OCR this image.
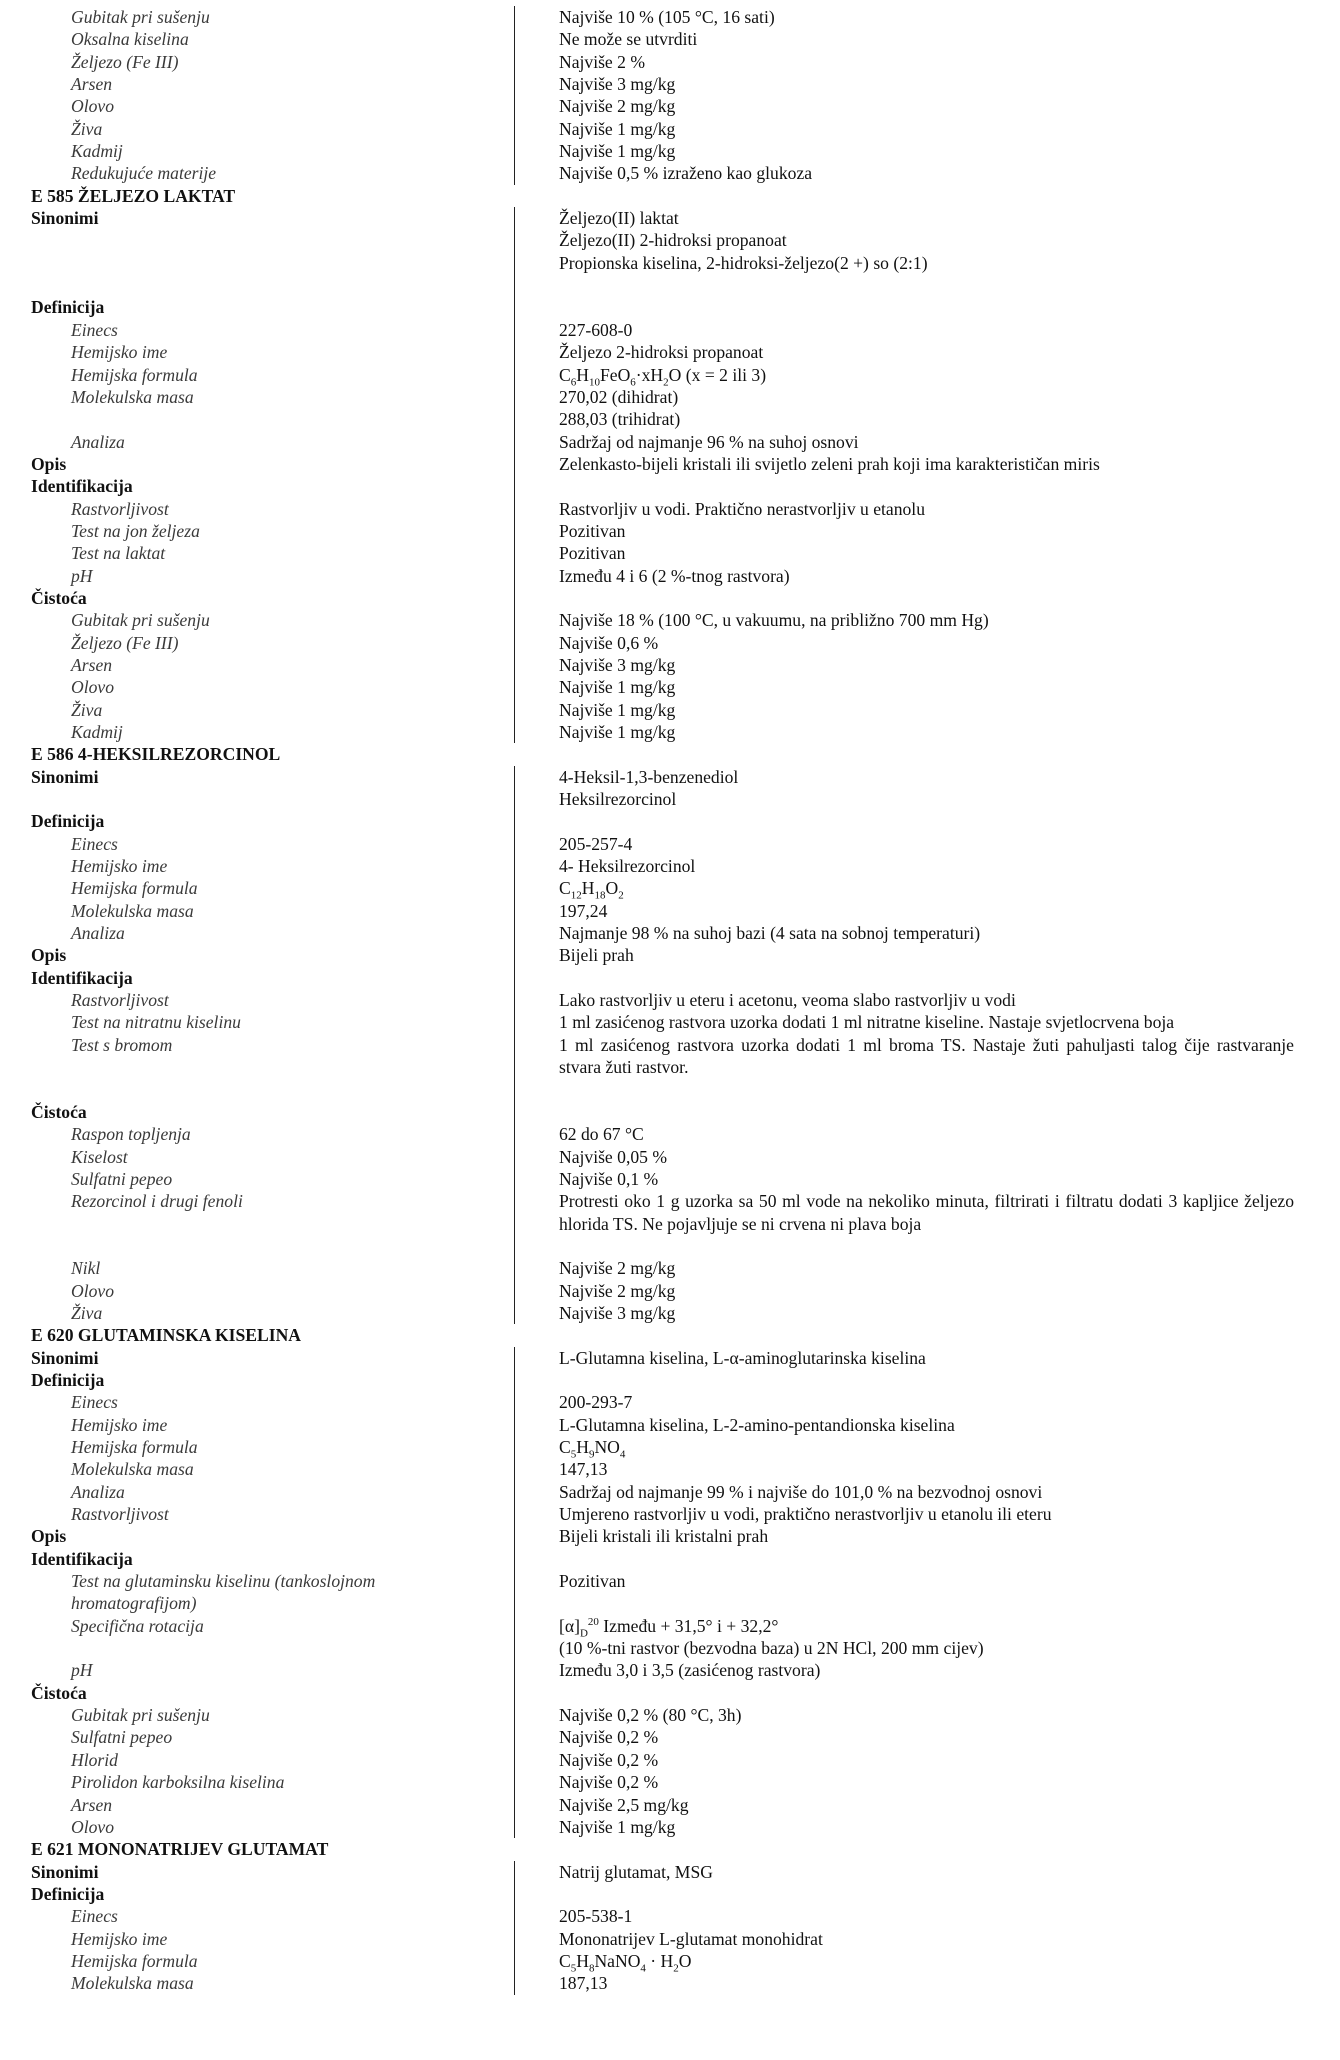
Gubitak pri sušenju	Najviše 10 % (105 °C, 16 sati)
Oksalna kiselina	Ne može se utvrditi
Željezo (Fe III)	Najviše 2 %
Arsen	Najviše 3 mg/kg
Olovo	Najviše 2 mg/kg
Živa	Najviše 1 mg/kg
Kadmij	Najviše 1 mg/kg
Redukujuće materije	Najviše 0,5 % izraženo kao glukoza
E 585 ŽELJEZO LAKTAT
Sinonimi	Željezo(II) laktat
Željezo(II) 2-hidroksi propanoat
Propionska kiselina, 2-hidroksi-željezo(2 +) so (2:1)
Definicija
Einecs	227-608-0
Hemijsko ime	Željezo 2-hidroksi propanoat
Hemijska formula	$C_6H_{10}FeO_6\cdot xH_2O$ (x = 2 ili 3)
Molekulska masa	270,02 (dihidrat)
288,03 (trihidrat)
Analiza	Sadržaj od najmanje 96 % na suhoj osnovi
Opis	Zelenkasto-bijeli kristali ili svijetlo zeleni prah koji ima karakterističan miris
Identifikacija
Rastvorljivost	Rastvorljiv u vodi. Praktično nerastvorljiv u etanolu
Test na jon željeza	Pozitivan
Test na laktat	Pozitivan
pH	Između 4 i 6 (2 %-tnog rastvora)
Čistoća
Gubitak pri sušenju	Najviše 18 % (100 °C, u vakuumu, na približno 700 mm Hg)
Željezo (Fe III)	Najviše 0,6 %
Arsen	Najviše 3 mg/kg
Olovo	Najviše 1 mg/kg
Živa	Najviše 1 mg/kg
Kadmij	Najviše 1 mg/kg
E 586 4-HEKSILREZORCINOL
Sinonimi	4-Heksil-1,3-benzenediol
Heksilrezorcinol
Definicija
Einecs	205-257-4
Hemijsko ime	4- Heksilrezorcinol
Hemijska formula	$C_{12}H_{18}O_2$
Molekulska masa	197,24
Analiza	Najmanje 98 % na suhoj bazi (4 sata na sobnoj temperaturi)
Opis	Bijeli prah
Identifikacija
Rastvorljivost	Lako rastvorljiv u eteru i acetonu, veoma slabo rastvorljiv u vodi
Test na nitratnu kiselinu	1 ml zasićenog rastvora uzorka dodati 1 ml nitratne kiseline. Nastaje svjetlocrvena boja
Test s bromom	1 ml zasićenog rastvora uzorka dodati 1 ml broma TS. Nastaje žuti pahuljasti talog čije rastvaranje stvara žuti rastvor.
Čistoća
Raspon topljenja	62 do 67 °C
Kiselost	Najviše 0,05 %
Sulfatni pepeo	Najviše 0,1 %
Rezorcinol i drugi fenoli	Protresti oko 1 g uzorka sa 50 ml vode na nekoliko minuta, filtrirati i filtratu dodati 3 kapljice željezo hlorida TS. Ne pojavljuje se ni crvena ni plava boja
Nikl	Najviše 2 mg/kg
Olovo	Najviše 2 mg/kg
Živa	Najviše 3 mg/kg
E 620 GLUTAMINSKA KISELINA
Sinonimi	L-Glutamna kiselina, L-α-aminoglutarinska kiselina
Definicija
Einecs	200-293-7
Hemijsko ime	L-Glutamna kiselina, L-2-amino-pentandionska kiselina
Hemijska formula	$C_5H_9NO_4$
Molekulska masa	147,13
Analiza	Sadržaj od najmanje 99 % i najviše do 101,0 % na bezvodnoj osnovi
Rastvorljivost	Umjereno rastvorljiv u vodi, praktično nerastvorljiv u etanolu ili eteru
Opis	Bijeli kristali ili kristalni prah
Identifikacija
Test na glutaminsku kiselinu (tankoslojnom	Pozitivan
hromatografijom)
Specifična rotacija	$[\alpha]_D^{20}$ Između + 31,5° i + 32,2°
(10 %-tni rastvor (bezvodna baza) u 2N HCl, 200 mm cijev)
pH	Između 3,0 i 3,5 (zasićenog rastvora)
Čistoća
Gubitak pri sušenju	Najviše 0,2 % (80 °C, 3h)
Sulfatni pepeo	Najviše 0,2 %
Hlorid	Najviše 0,2 %
Pirolidon karboksilna kiselina	Najviše 0,2 %
Arsen	Najviše 2,5 mg/kg
Olovo	Najviše 1 mg/kg
E 621 MONONATRIJEV GLUTAMAT
Sinonimi	Natrij glutamat, MSG
Definicija
Einecs	205-538-1
Hemijsko ime	Mononatrijev L-glutamat monohidrat
Hemijska formula	$C_5H_8NaNO_4 \cdot H_2O$
Molekulska masa	187,13
